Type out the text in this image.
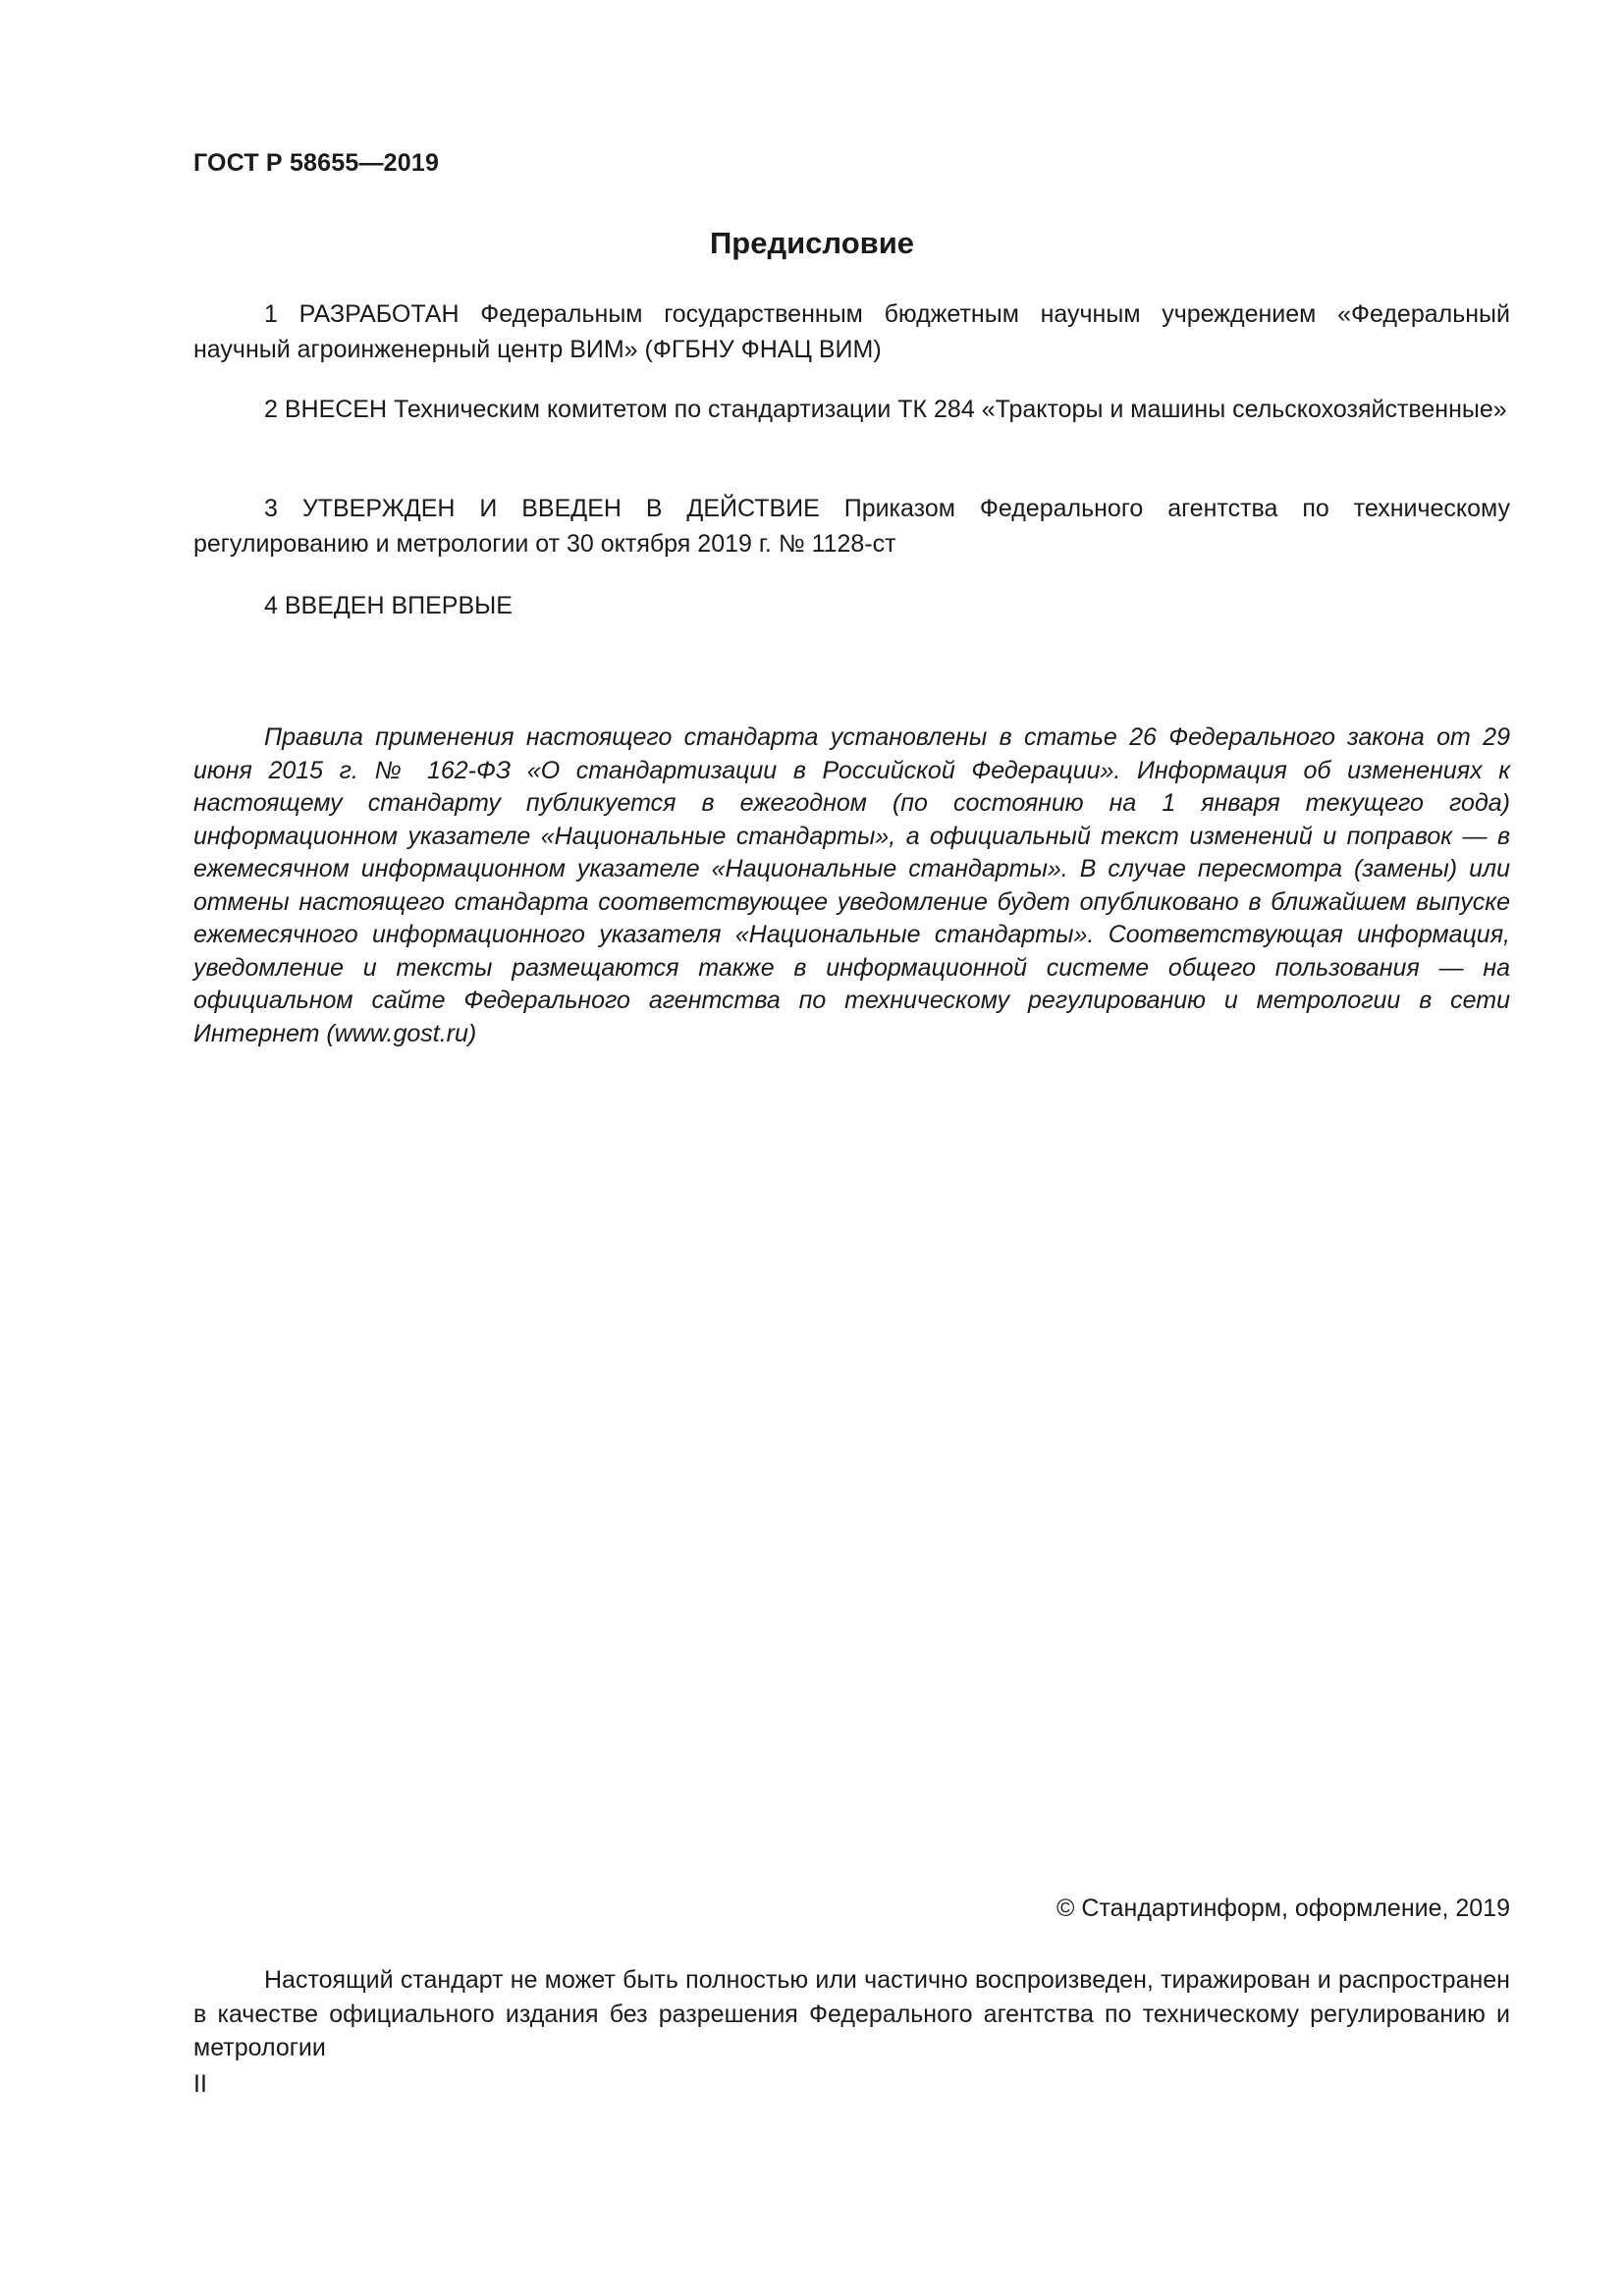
ГОСТ Р 58655—2019
Предисловие

1 РАЗРАБОТАН Федеральным государственным бюджетным научным учреждением «Федеральный научный агроинженерный центр ВИМ» (ФГБНУ ФНАЦ ВИМ)

2 ВНЕСЕН Техническим комитетом по стандартизации ТК 284 «Тракторы и машины сельскохозяйственные»

3 УТВЕРЖДЕН И ВВЕДЕН В ДЕЙСТВИЕ Приказом Федерального агентства по техническому регулированию и метрологии от 30 октября 2019 г. № 1128-ст

4 ВВЕДЕН ВПЕРВЫЕ

Правила применения настоящего стандарта установлены в статье 26 Федерального закона от 29 июня 2015 г. № 162-ФЗ «О стандартизации в Российской Федерации». Информация об изменениях к настоящему стандарту публикуется в ежегодном (по состоянию на 1 января текущего года) информационном указателе «Национальные стандарты», а официальный текст изменений и поправок — в ежемесячном информационном указателе «Национальные стандарты». В случае пересмотра (замены) или отмены настоящего стандарта соответствующее уведомление будет опубликовано в ближайшем выпуске ежемесячного информационного указателя «Национальные стандарты». Соответствующая информация, уведомление и тексты размещаются также в информационной системе общего пользования — на официальном сайте Федерального агентства по техническому регулированию и метрологии в сети Интернет (www.gost.ru)

© Стандартинформ, оформление, 2019

Настоящий стандарт не может быть полностью или частично воспроизведен, тиражирован и распространен в качестве официального издания без разрешения Федерального агентства по техническому регулированию и метрологии

II
